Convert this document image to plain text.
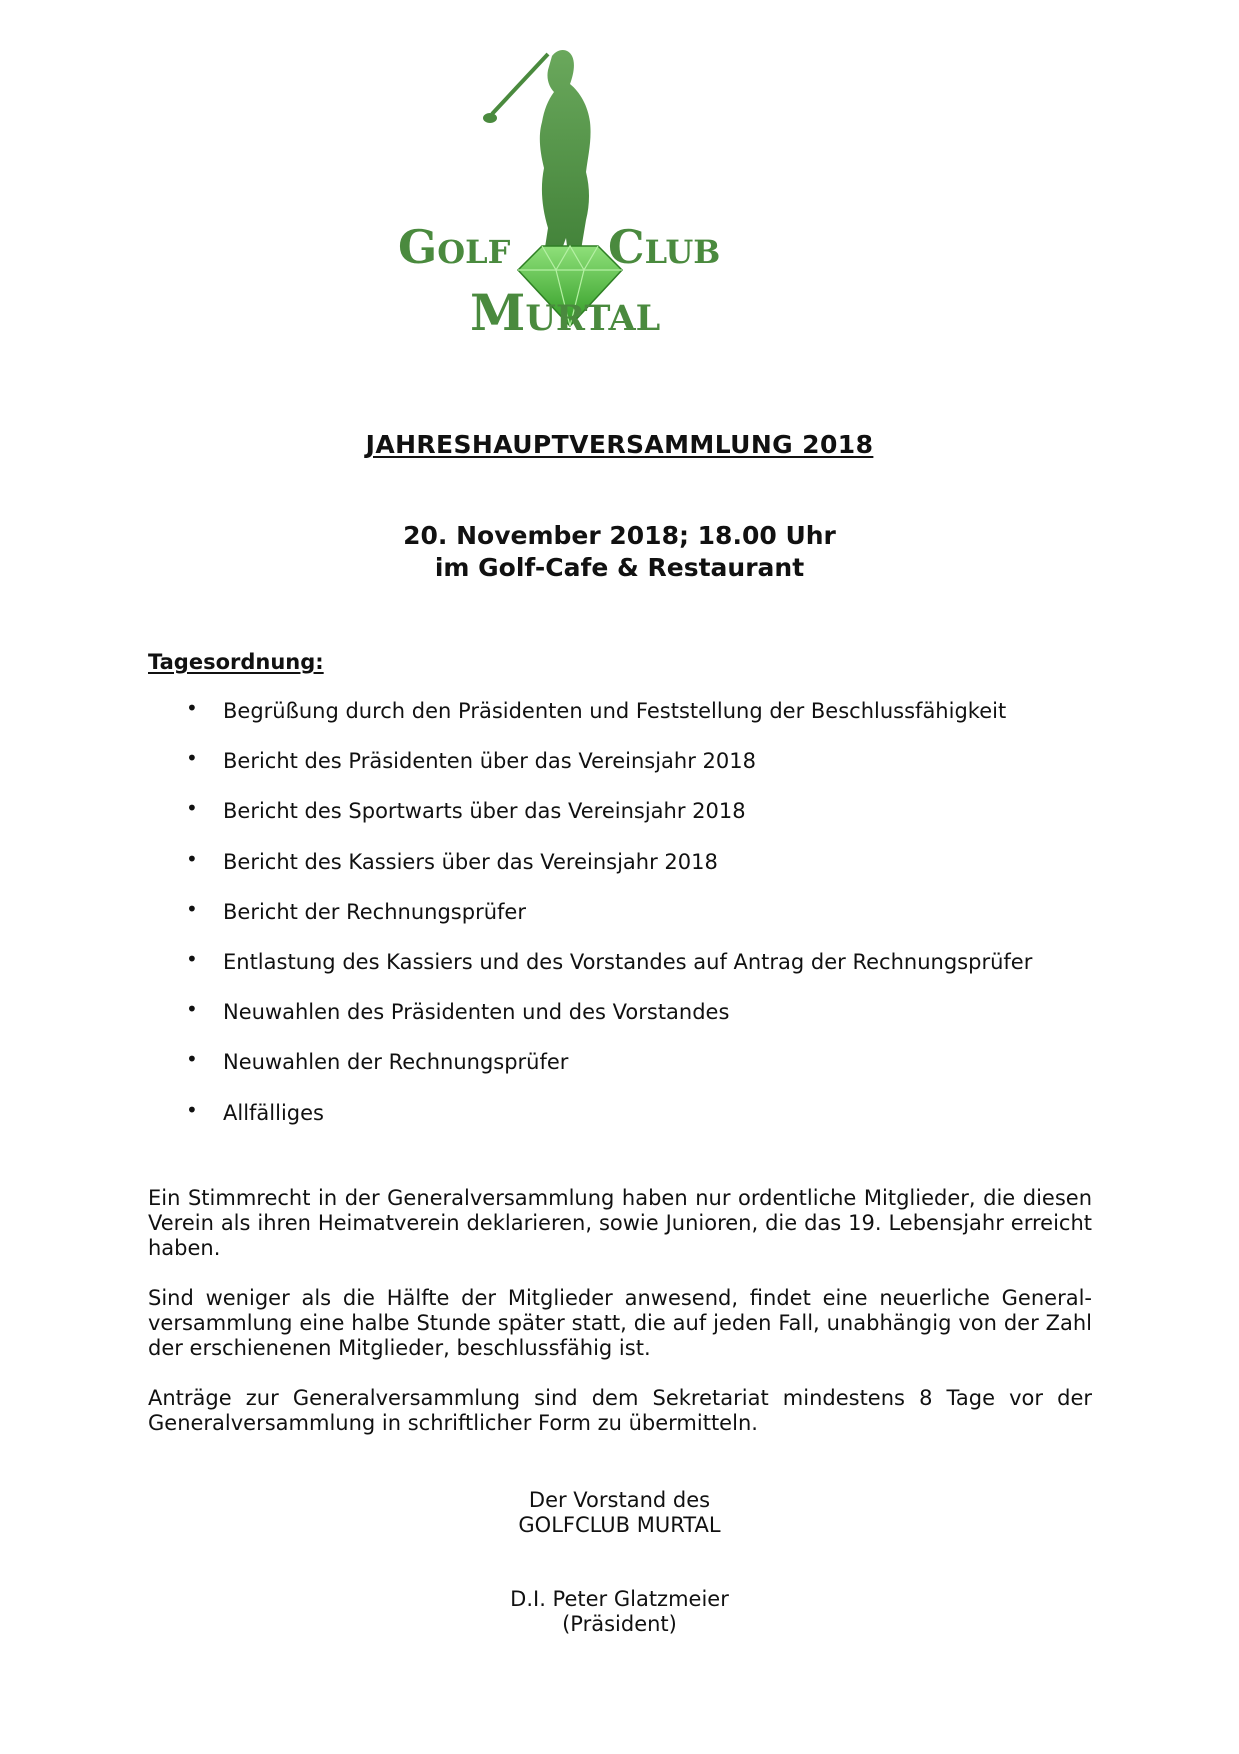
Golf Club
Murtal
JAHRESHAUPTVERSAMMLUNG 2018
20. November 2018; 18.00 Uhr
im Golf-Cafe & Restaurant
Tagesordnung:
• Begrüßung durch den Präsidenten und Feststellung der Beschlussfähigkeit
• Bericht des Präsidenten über das Vereinsjahr 2018
• Bericht des Sportwarts über das Vereinsjahr 2018
• Bericht des Kassiers über das Vereinsjahr 2018
• Bericht der Rechnungsprüfer
• Entlastung des Kassiers und des Vorstandes auf Antrag der Rechnungsprüfer
• Neuwahlen des Präsidenten und des Vorstandes
• Neuwahlen der Rechnungsprüfer
• Allfälliges

Ein Stimmrecht in der Generalversammlung haben nur ordentliche Mitglieder, die diesen Verein als ihren Heimatverein deklarieren, sowie Junioren, die das 19. Lebensjahr erreicht haben.

Sind weniger als die Hälfte der Mitglieder anwesend, findet eine neuerliche General-versammlung eine halbe Stunde später statt, die auf jeden Fall, unabhängig von der Zahl der erschienenen Mitglieder, beschlussfähig ist.

Anträge zur Generalversammlung sind dem Sekretariat mindestens 8 Tage vor der Generalversammlung in schriftlicher Form zu übermitteln.

Der Vorstand des
GOLFCLUB MURTAL
D.I. Peter Glatzmeier
(Präsident)
